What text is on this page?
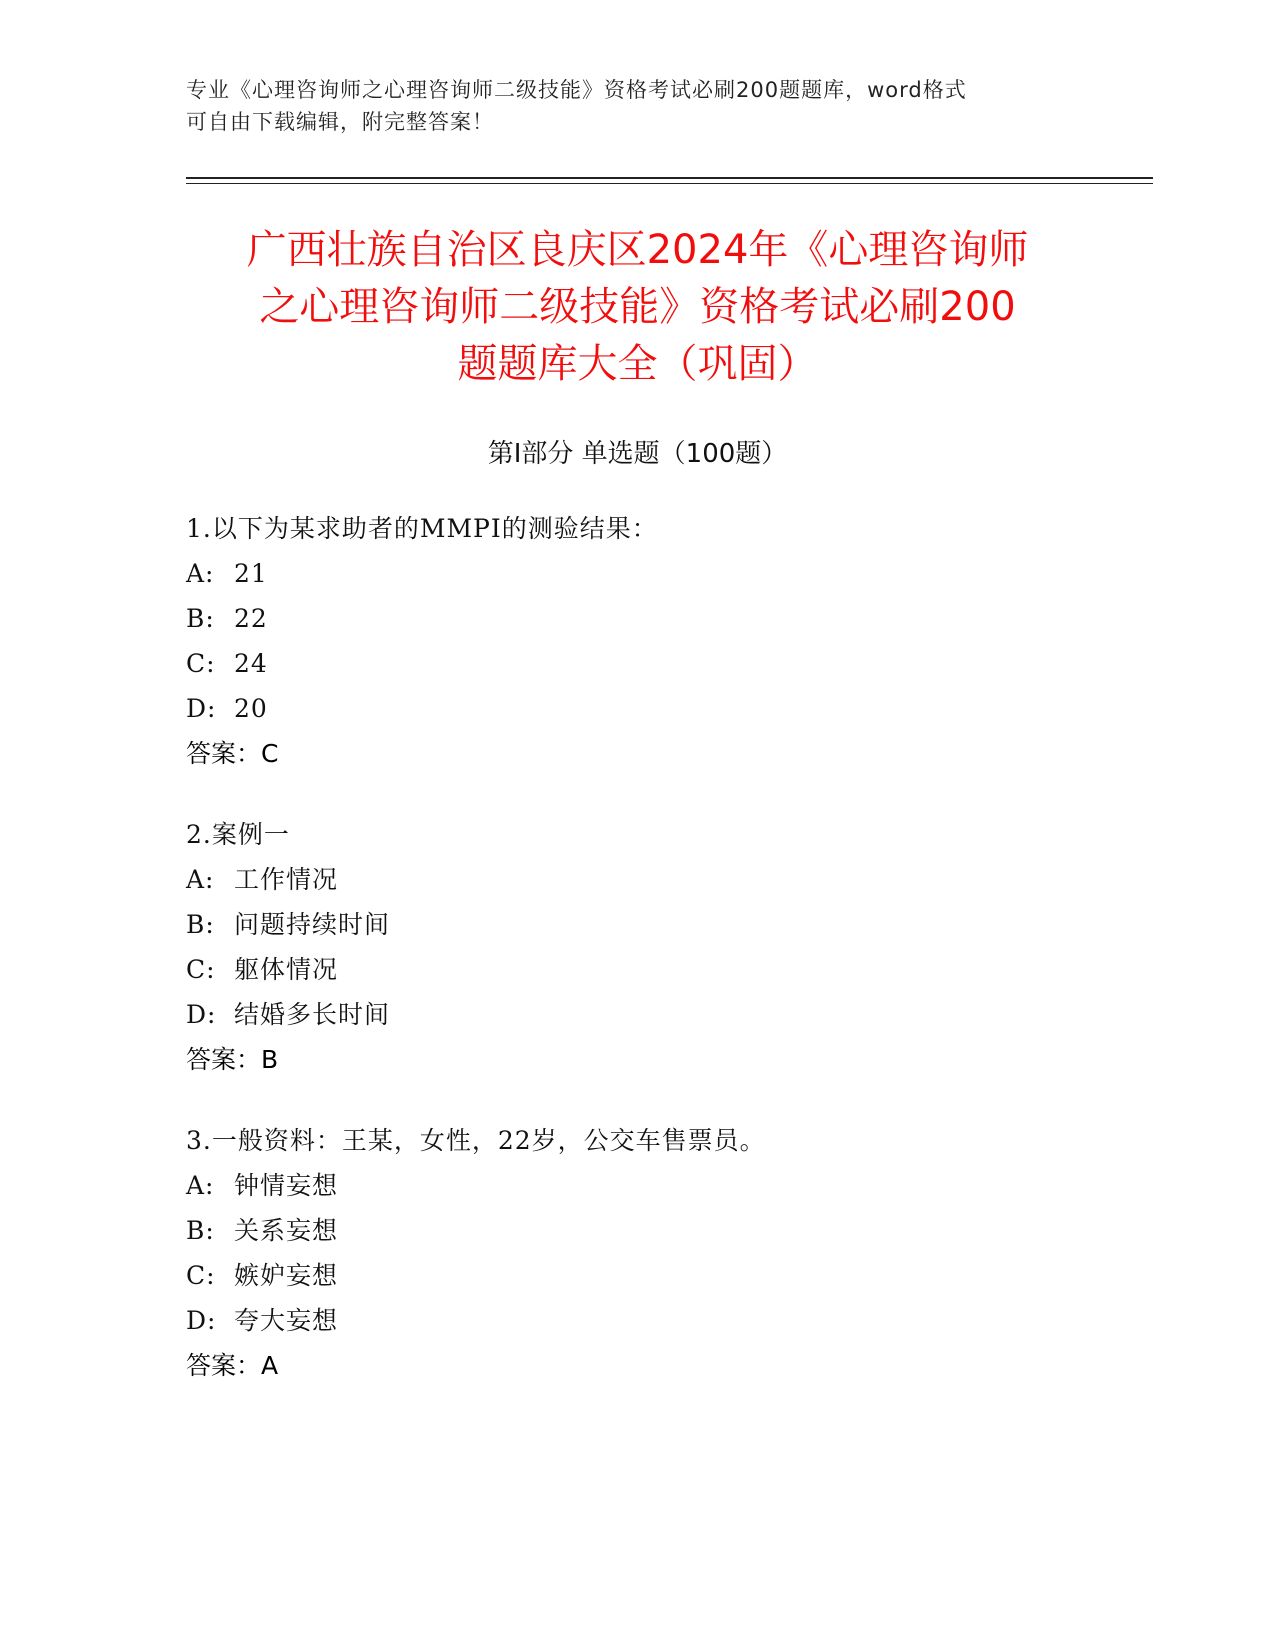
专业《心理咨询师之心理咨询师二级技能》资格考试必刷200题题库，word格式
可自由下载编辑，附完整答案！
广西壮族自治区良庆区2024年《心理咨询师
之心理咨询师二级技能》资格考试必刷200
题题库大全（巩固）
第Ⅰ部分 单选题（100题）
1.以下为某求助者的MMPI的测验结果：
A: 21
B: 22
C: 24
D: 20
答案：C
2.案例一
A: 工作情况
B: 问题持续时间
C: 躯体情况
D: 结婚多长时间
答案：B
3.一般资料：王某，女性，22岁，公交车售票员。
A: 钟情妄想
B: 关系妄想
C: 嫉妒妄想
D: 夸大妄想
答案：A
